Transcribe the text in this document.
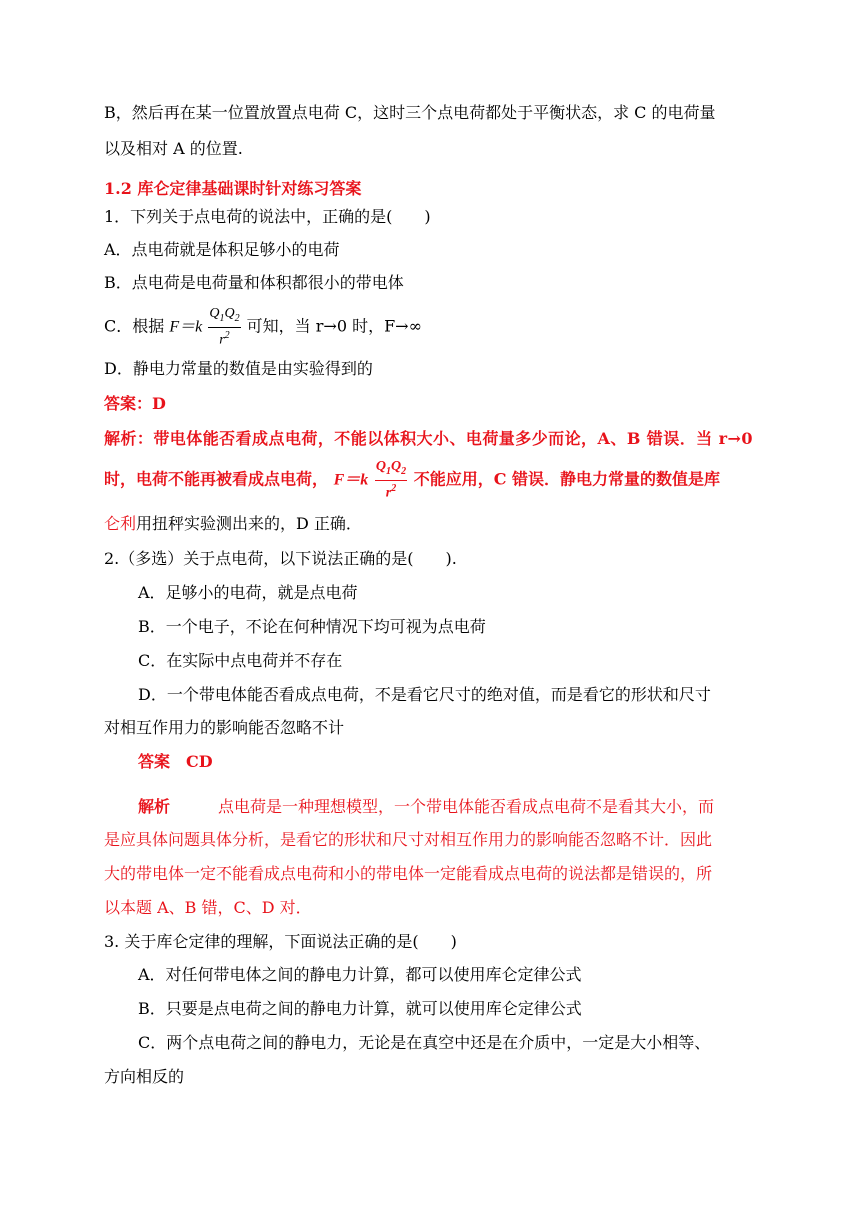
B，然后再在某一位置放置点电荷 C，这时三个点电荷都处于平衡状态，求 C 的电荷量
以及相对 A 的位置.
1.2 库仑定律基础课时针对练习答案
1．下列关于点电荷的说法中，正确的是(　　)
A．点电荷就是体积足够小的电荷
B．点电荷是电荷量和体积都很小的带电体
C．根据 $F=k \frac{Q_1Q_2}{r^2}$ 可知，当 r→0 时，F→∞
D．静电力常量的数值是由实验得到的
答案：D
解析：带电体能否看成点电荷，不能以体积大小、电荷量多少而论，A、B 错误．当 r→0
时，电荷不能再被看成点电荷， $F=k \frac{Q_1Q_2}{r^2}$ 不能应用，C 错误．静电力常量的数值是库
仑利用扭秤实验测出来的，D 正确．
2.（多选）关于点电荷，以下说法正确的是(　　).
A．足够小的电荷，就是点电荷
B．一个电子，不论在何种情况下均可视为点电荷
C．在实际中点电荷并不存在
D．一个带电体能否看成点电荷，不是看它尺寸的绝对值，而是看它的形状和尺寸
对相互作用力的影响能否忽略不计
答案　CD
解析	点电荷是一种理想模型，一个带电体能否看成点电荷不是看其大小，而
是应具体问题具体分析，是看它的形状和尺寸对相互作用力的影响能否忽略不计．因此
大的带电体一定不能看成点电荷和小的带电体一定能看成点电荷的说法都是错误的，所
以本题 A、B 错，C、D 对．
3. 关于库仑定律的理解，下面说法正确的是(　　)
A．对任何带电体之间的静电力计算，都可以使用库仑定律公式
B．只要是点电荷之间的静电力计算，就可以使用库仑定律公式
C．两个点电荷之间的静电力，无论是在真空中还是在介质中，一定是大小相等、
方向相反的
